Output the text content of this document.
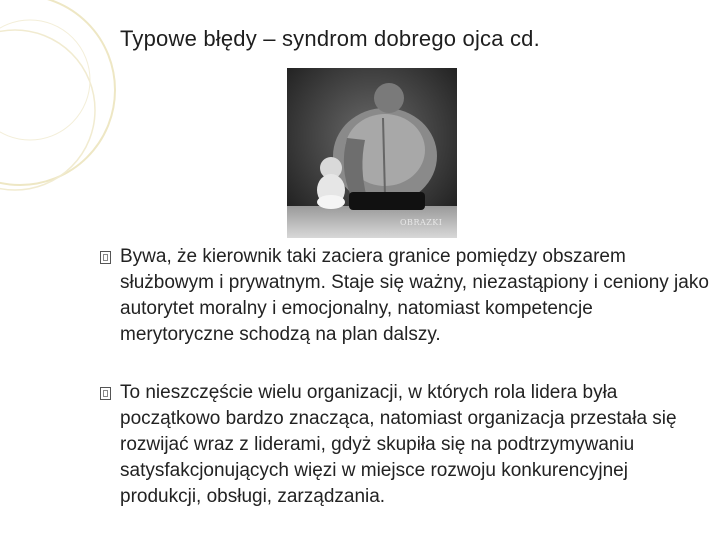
Typowe błędy – syndrom dobrego ojca cd.
OBRAZKI
Bywa, że kierownik taki zaciera granice pomiędzy obszarem służbowym i prywatnym. Staje się ważny, niezastąpiony i ceniony jako autorytet moralny i emocjonalny, natomiast kompetencje merytoryczne schodzą na plan dalszy.
To nieszczęście wielu organizacji, w których rola lidera była początkowo bardzo znacząca, natomiast organizacja przestała się rozwijać wraz z liderami, gdyż skupiła się na podtrzymywaniu satysfakcjonujących więzi w miejsce rozwoju konkurencyjnej produkcji, obsługi, zarządzania.
